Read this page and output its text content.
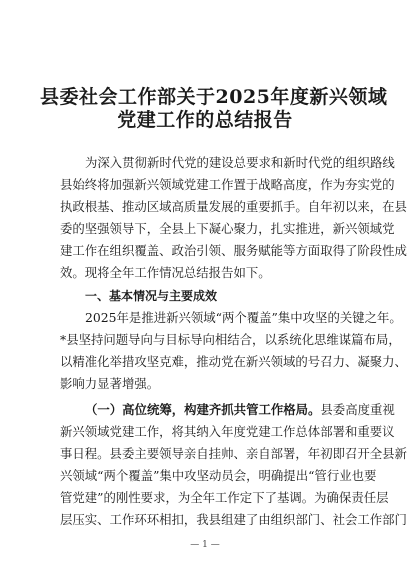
县委社会工作部关于2025年度新兴领域
党建工作的总结报告
为深入贯彻新时代党的建设总要求和新时代党的组织路线
县始终将加强新兴领域党建工作置于战略高度，作为夯实党的
执政根基、推动区域高质量发展的重要抓手。自年初以来，在县
委的坚强领导下，全县上下凝心聚力，扎实推进，新兴领域党
建工作在组织覆盖、政治引领、服务赋能等方面取得了阶段性成
效。现将全年工作情况总结报告如下。
一、基本情况与主要成效
2025年是推进新兴领域“两个覆盖”集中攻坚的关键之年。
*县坚持问题导向与目标导向相结合，以系统化思维谋篇布局，
以精准化举措攻坚克难，推动党在新兴领域的号召力、凝聚力、
影响力显著增强。
（一）高位统筹，构建齐抓共管工作格局。县委高度重视
新兴领域党建工作，将其纳入年度党建工作总体部署和重要议
事日程。县委主要领导亲自挂帅、亲自部署，年初即召开全县新
兴领域“两个覆盖”集中攻坚动员会，明确提出“管行业也要
管党建”的刚性要求，为全年工作定下了基调。为确保责任层
层压实、工作环环相扣，我县组建了由组织部门、社会工作部门
— 1 —
